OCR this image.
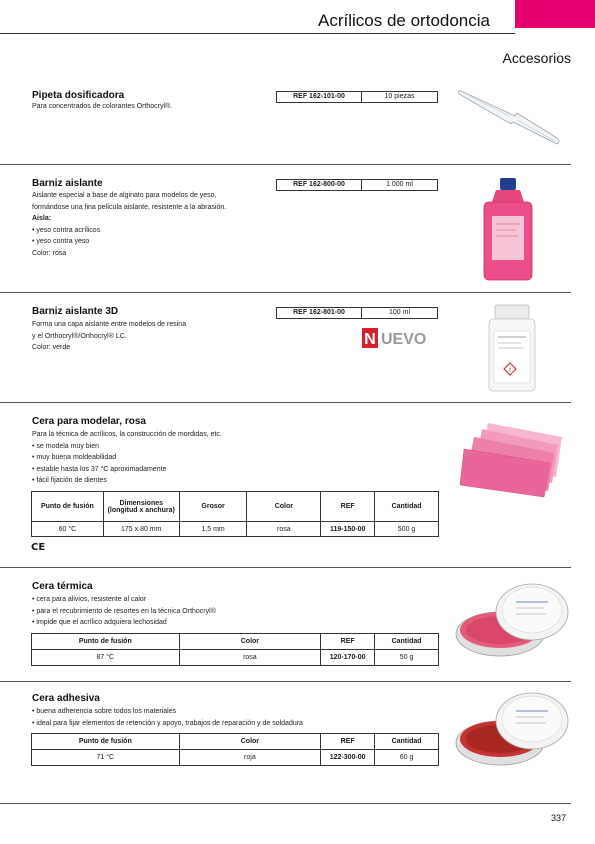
Acrílicos de ortodoncia
Accesorios
Pipeta dosificadora
Para concentrados de colorantes Orthocryl®.
REF 162-101-00	10 piezas
Barniz aislante
Aislante especial a base de alginato para modelos de yeso,
formándose una fina película aislante, resistente a la abrasión.
Aisla:
• yeso contra acrílicos
• yeso contra yeso
Color: rosa
REF 162-800-00	1.000 ml
Barniz aislante 3D
Forma una capa aislante entre modelos de resina
y el Orthocryl®/Orthocryl® LC.
Color: verde
REF 162-801-00	100 ml
N UEVO
!
Cera para modelar, rosa
Para la técnica de acrílicos, la construcción de mordidas, etc.
• se modela muy bien
• muy buena moldeabilidad
• estable hasta los 37 °C aproximadamente
• fácil fijación de dientes
Punto de fusión	Dimensiones (longitud x anchura)	Grosor	Color	REF	Cantidad
60 °C	175 x 80 mm	1,5 mm	rosa	119-150-00	500 g
CE
Cera térmica
• cera para alivios, resistente al calor
• para el recubrimiento de resortes en la técnica Orthocryl®
• impide que el acrílico adquiera lechosidad
Punto de fusión	Color	REF	Cantidad
87 °C	rosa	120-170-00	50 g
Cera adhesiva
• buena adherencia sobre todos los materiales
• ideal para fijar elementos de retención y apoyo, trabajos de reparación y de soldadura
Punto de fusión	Color	REF	Cantidad
71 °C	roja	122-300-00	60 g
337
